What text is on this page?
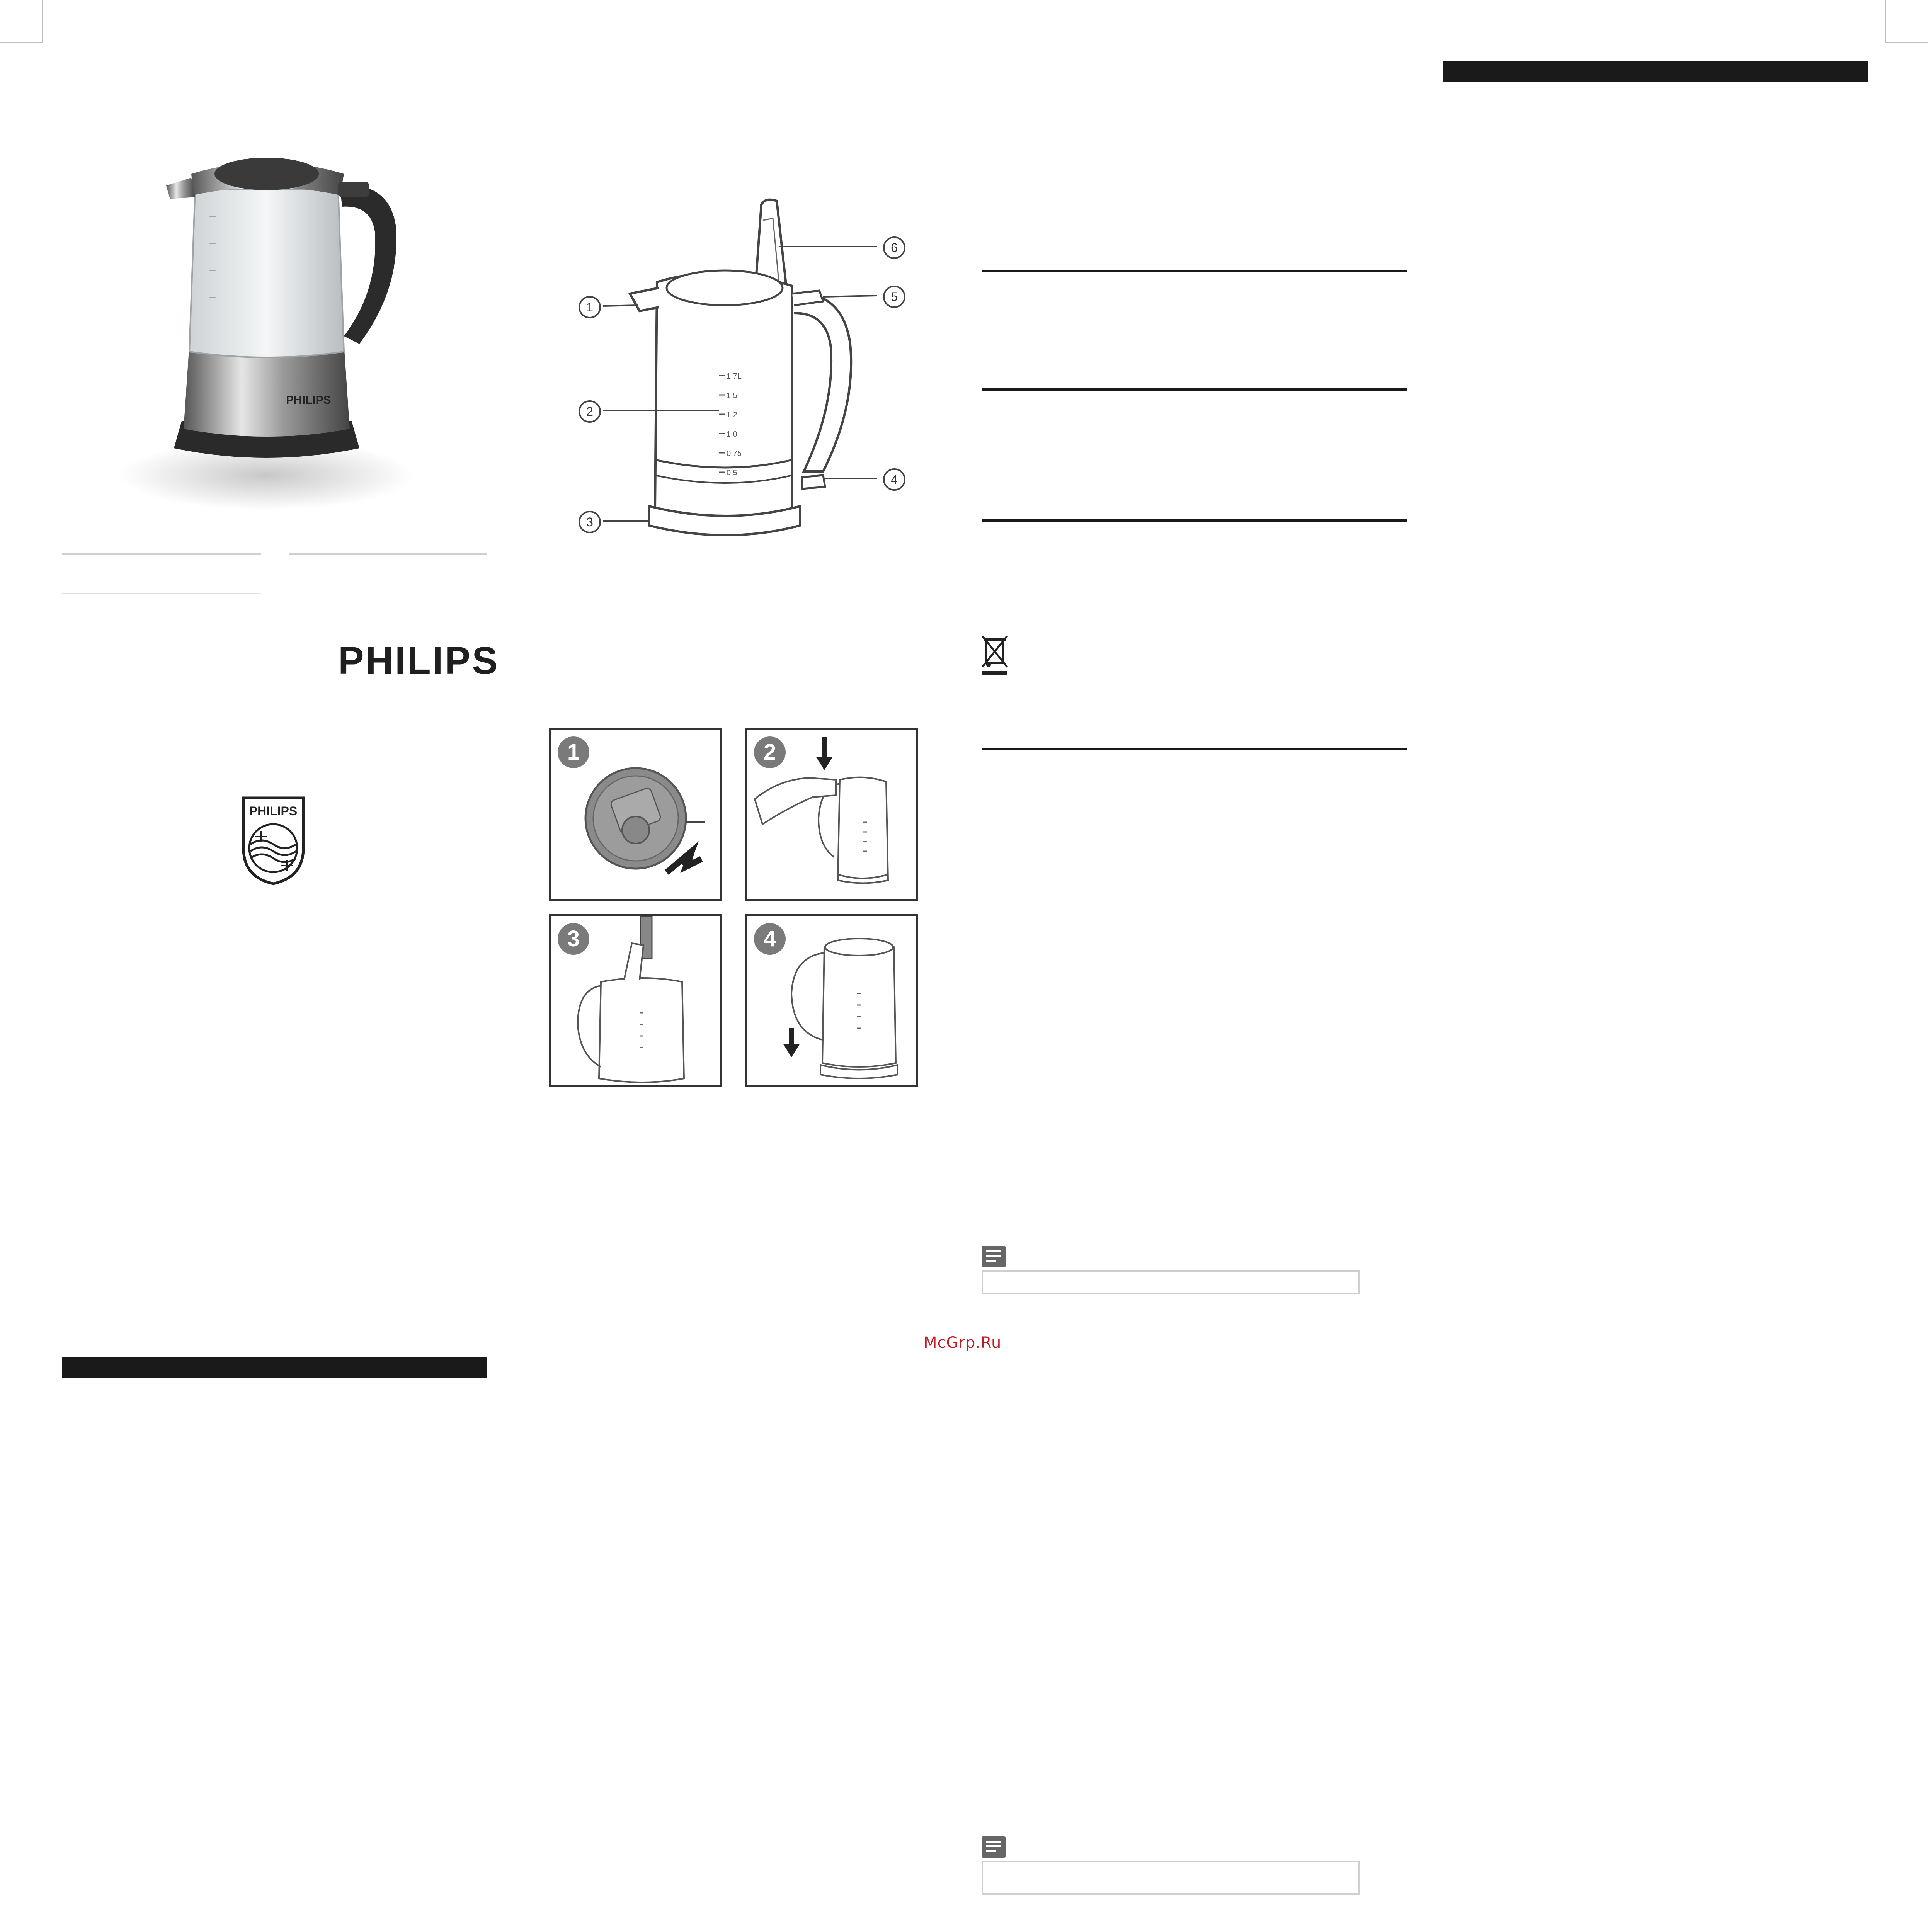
PHILIPS
PHILIPS
PHILIPS
1.7L
1.5
1.2
1.0
0.75
0.5
1
2
3
4
5
6
1	2
3	4
McGrp.Ru
